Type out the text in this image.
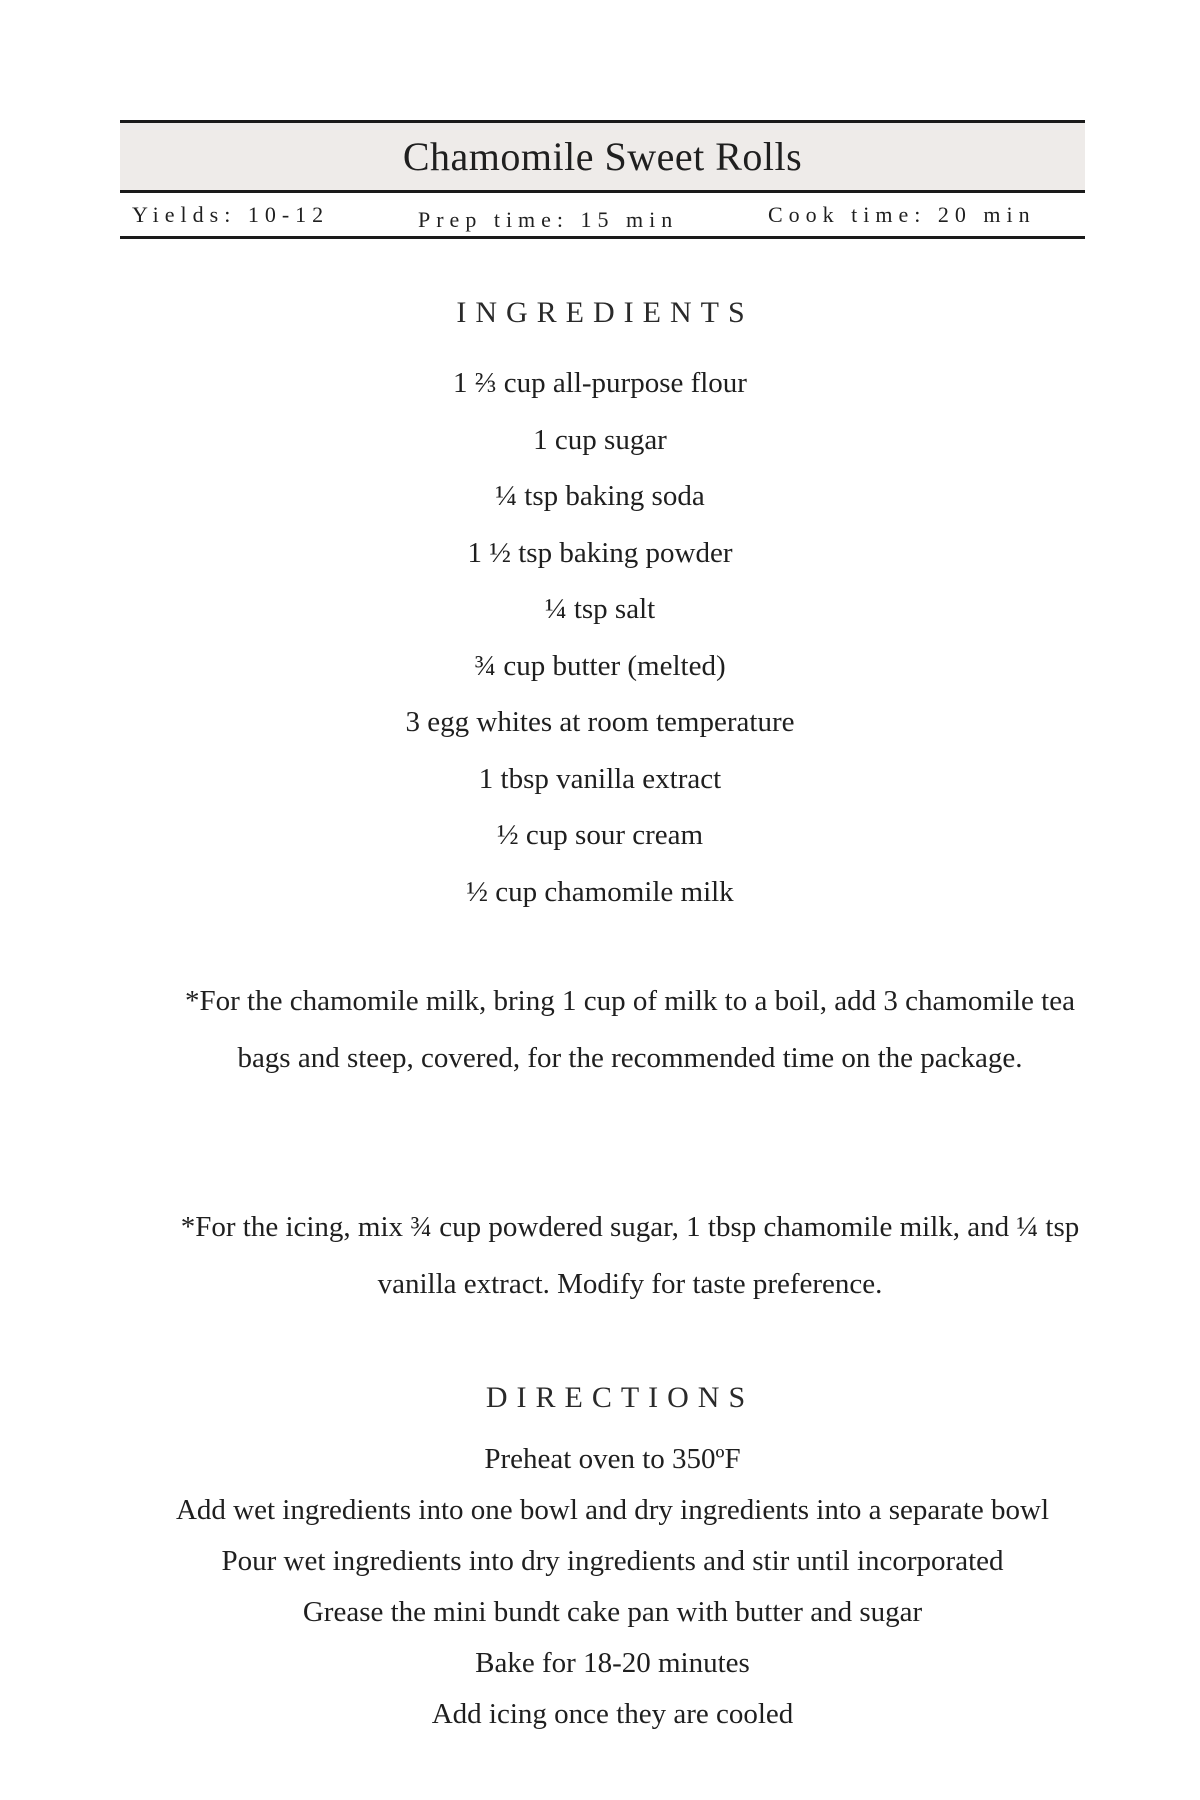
Chamomile Sweet Rolls
Yields: 10-12	Prep time: 15 min	Cook time: 20 min
INGREDIENTS
1 ⅔ cup all-purpose flour
1 cup sugar
¼ tsp baking soda
1 ½ tsp baking powder
¼ tsp salt
¾ cup butter (melted)
3 egg whites at room temperature
1 tbsp vanilla extract
½ cup sour cream
½ cup chamomile milk
*For the chamomile milk, bring 1 cup of milk to a boil, add 3 chamomile tea bags and steep, covered, for the recommended time on the package.
*For the icing, mix ¾ cup powdered sugar, 1 tbsp chamomile milk, and ¼ tsp vanilla extract. Modify for taste preference.
DIRECTIONS
Preheat oven to 350ºF
Add wet ingredients into one bowl and dry ingredients into a separate bowl
Pour wet ingredients into dry ingredients and stir until incorporated
Grease the mini bundt cake pan with butter and sugar
Bake for 18-20 minutes
Add icing once they are cooled
